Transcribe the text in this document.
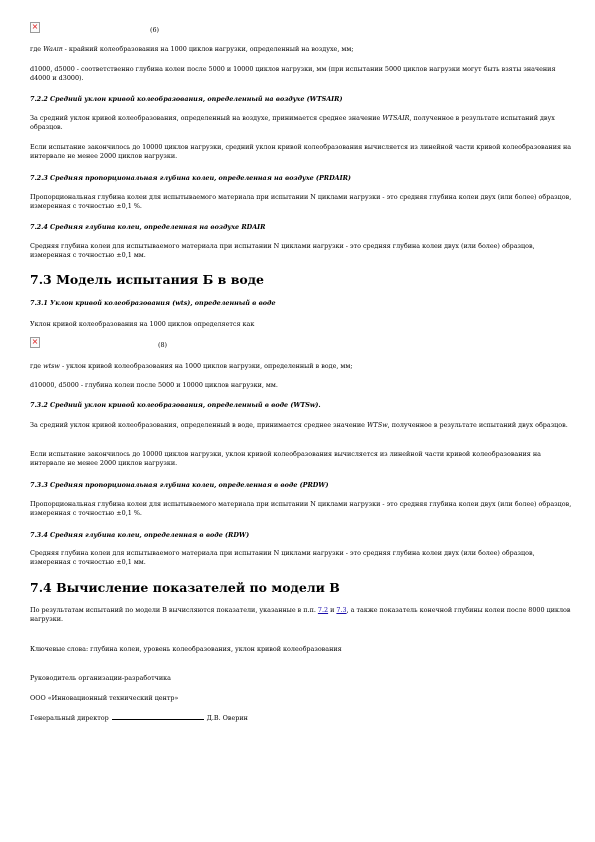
×	(6)
где WaAIR - крайний колеобразования на 1000 циклов нагрузки, определенный на воздухе, мм;
d1000, d5000 - соответственно глубина колеи после 5000 и 10000 циклов нагрузки, мм (при испытании 5000 циклов нагрузки могут быть взяты значения d4000 и d3000).
7.2.2 Средний уклон кривой колеобразования, определенный на воздухе (WTSAIR)
За средний уклон кривой колеобразования, определенный на воздухе, принимается среднее значение WTSAIR, полученное в результате испытаний двух образцов.
Если испытание закончилось до 10000 циклов нагрузки, средний уклон кривой колеобразования вычисляется из линейной части кривой колеобразования на интервале не менее 2000 циклов нагрузки.
7.2.3 Средняя пропорциональная глубина колеи, определенная на воздухе (PRDAIR)
Пропорциональная глубина колеи для испытываемого материала при испытании N циклами нагрузки - это средняя глубина колеи двух (или более) образцов, измеренная с точностью ±0,1 %.
7.2.4 Средняя глубина колеи, определенная на воздухе RDAIR
Средняя глубина колеи для испытываемого материала при испытании N циклами нагрузки - это средняя глубина колеи двух (или более) образцов, измеренная с точностью ±0,1 мм.
7.3 Модель испытания Б в воде
7.3.1 Уклон кривой колеобразования (wts), определенный в воде
Уклон кривой колеобразования на 1000 циклов определяется как
×	(8)
где wtsw - уклон кривой колеобразования на 1000 циклов нагрузки, определенный в воде, мм;
d10000, d5000 - глубина колеи после 5000 и 10000 циклов нагрузки, мм.
7.3.2 Средний уклон кривой колеобразования, определенный в воде (WTSw).
За средний уклон кривой колеобразования, определенный в воде, принимается среднее значение WTSw, полученное в результате испытаний двух образцов.
Если испытание закончилось до 10000 циклов нагрузки, уклон кривой колеобразования вычисляется из линейной части кривой колеобразования на интервале не менее 2000 циклов нагрузки.
7.3.3 Средняя пропорциональная глубина колеи, определенная в воде (PRDW)
Пропорциональная глубина колеи для испытываемого материала при испытании N циклами нагрузки - это средняя глубина колеи двух (или более) образцов, измеренная с точностью ±0,1 %.
7.3.4 Средняя глубина колеи, определенная в воде (RDW)
Средняя глубина колеи для испытываемого материала при испытании N циклами нагрузки - это средняя глубина колеи двух (или более) образцов, измеренная с точностью ±0,1 мм.
7.4 Вычисление показателей по модели В
По результатам испытаний по модели В вычисляются показатели, указанные в п.п. 7.2 и 7.3, а также показатель конечной глубины колеи после 8000 циклов нагрузки.
Ключевые слова: глубина колеи, уровень колеобразования, уклон кривой колеобразования
Руководитель организации-разработчика
ООО «Инновационный технический центр»
Генеральный директор	Д.В. Оверин
